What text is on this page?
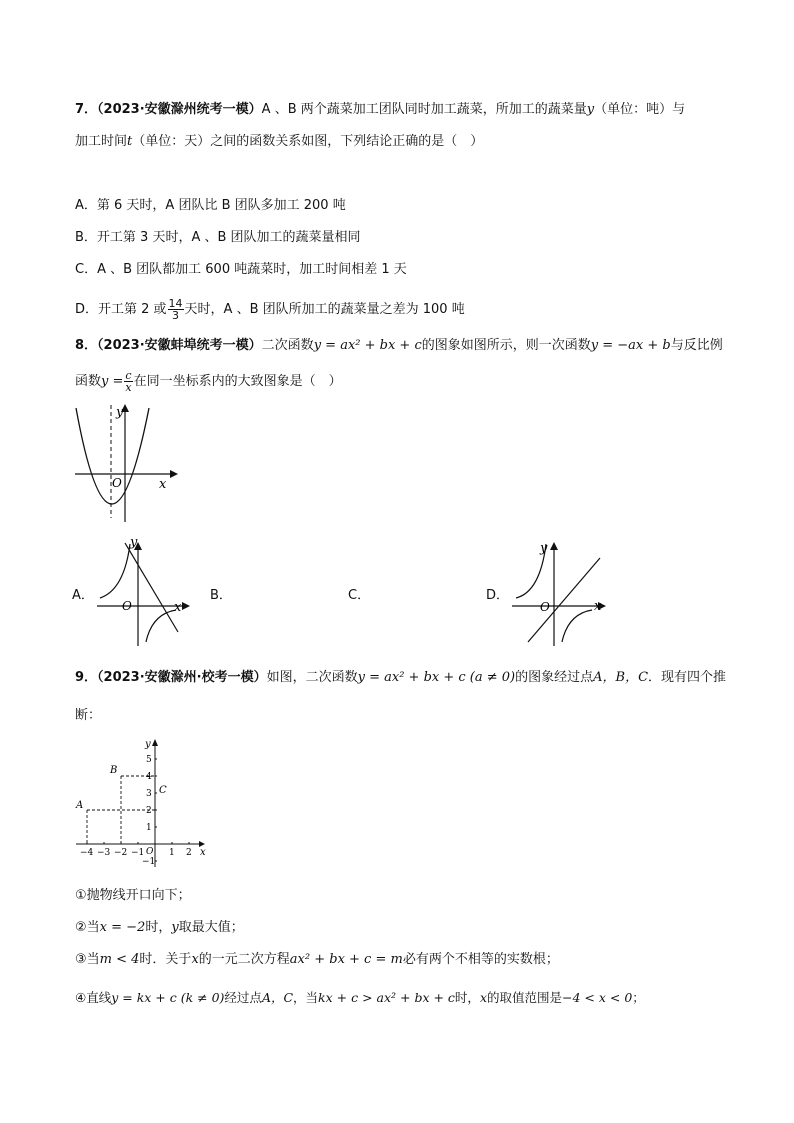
7．（2023·安徽滁州统考一模）A 、B 两个蔬菜加工团队同时加工蔬菜，所加工的蔬菜量y（单位：吨）与
加工时间t（单位：天）之间的函数关系如图，下列结论正确的是（　）
A．第 6 天时，A 团队比 B 团队多加工 200 吨
B．开工第 3 天时，A 、B 团队加工的蔬菜量相同
C．A 、B 团队都加工 600 吨蔬菜时，加工时间相差 1 天
D．开工第 2 或 $\frac{14}{3}$ 天时，A 、B 团队所加工的蔬菜量之差为 100 吨
8．（2023·安徽蚌埠统考一模）二次函数y = ax² + bx + c的图象如图所示，则一次函数y = −ax + b与反比例
函数$y = \frac{c}{x}$ 在同一坐标系内的大致图象是（　）
x
y
O
A．
x
y
O
B．	C．	D．
x
y
O
9．（2023·安徽滁州·校考一模）如图，二次函数y = ax² + bx + c (a ≠ 0)的图象经过点A，B，C．现有四个推
断：
−4 −3 −2 −1	1 2
5
4
3
2
1
−1
x
y
O
A
B
C
①抛物线开口向下；
②当x = −2时，y取最大值；
③当m < 4时．关于x的一元二次方程ax² + bx + c = m必有两个不相等的实数根；
④直线y = kx + c (k ≠ 0)经过点A，C，当kx + c > ax² + bx + c时，x的取值范围是−4 < x < 0；
